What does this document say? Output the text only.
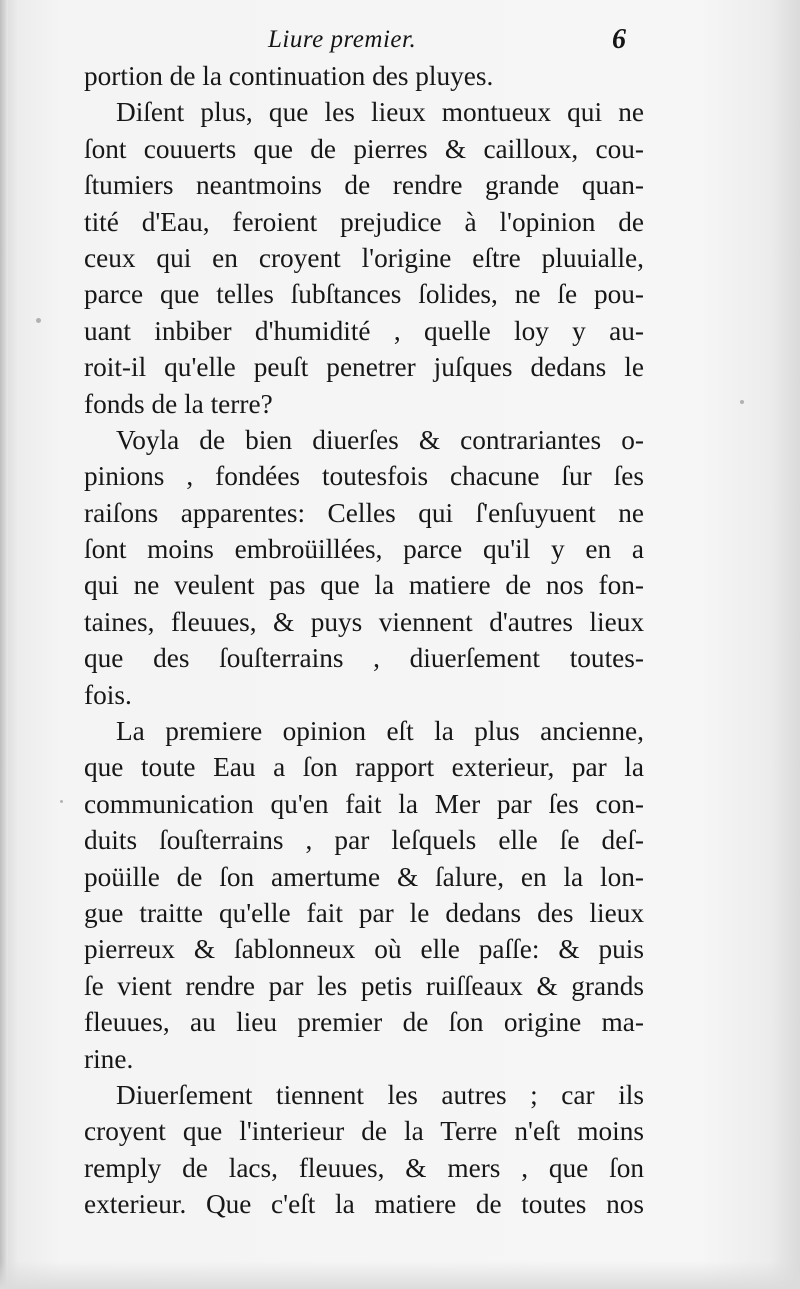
Liure premier.	6
portion de la continuation des pluyes.
Diſent plus, que les lieux montueux qui ne
ſont couuerts que de pierres & cailloux, cou-
ſtumiers neantmoins de rendre grande quan-
tité d'Eau, feroient prejudice à l'opinion de
ceux qui en croyent l'origine eſtre pluuialle,
parce que telles ſubſtances ſolides, ne ſe pou-
uant inbiber d'humidité , quelle loy y au-
roit-il qu'elle peuſt penetrer juſques dedans le
fonds de la terre?
Voyla de bien diuerſes & contrariantes o-
pinions , fondées toutesfois chacune ſur ſes
raiſons apparentes: Celles qui ſ'enſuyuent ne
ſont moins embroüillées, parce qu'il y en a
qui ne veulent pas que la matiere de nos fon-
taines, fleuues, & puys viennent d'autres lieux
que des ſouſterrains , diuerſement toutes-
fois.
La premiere opinion eſt la plus ancienne,
que toute Eau a ſon rapport exterieur, par la
communication qu'en fait la Mer par ſes con-
duits ſouſterrains , par leſquels elle ſe deſ-
poüille de ſon amertume & ſalure, en la lon-
gue traitte qu'elle fait par le dedans des lieux
pierreux & ſablonneux où elle paſſe: & puis
ſe vient rendre par les petis ruiſſeaux & grands
fleuues, au lieu premier de ſon origine ma-
rine.
Diuerſement tiennent les autres ; car ils
croyent que l'interieur de la Terre n'eſt moins
remply de lacs, fleuues, & mers , que ſon
exterieur. Que c'eſt la matiere de toutes nos
